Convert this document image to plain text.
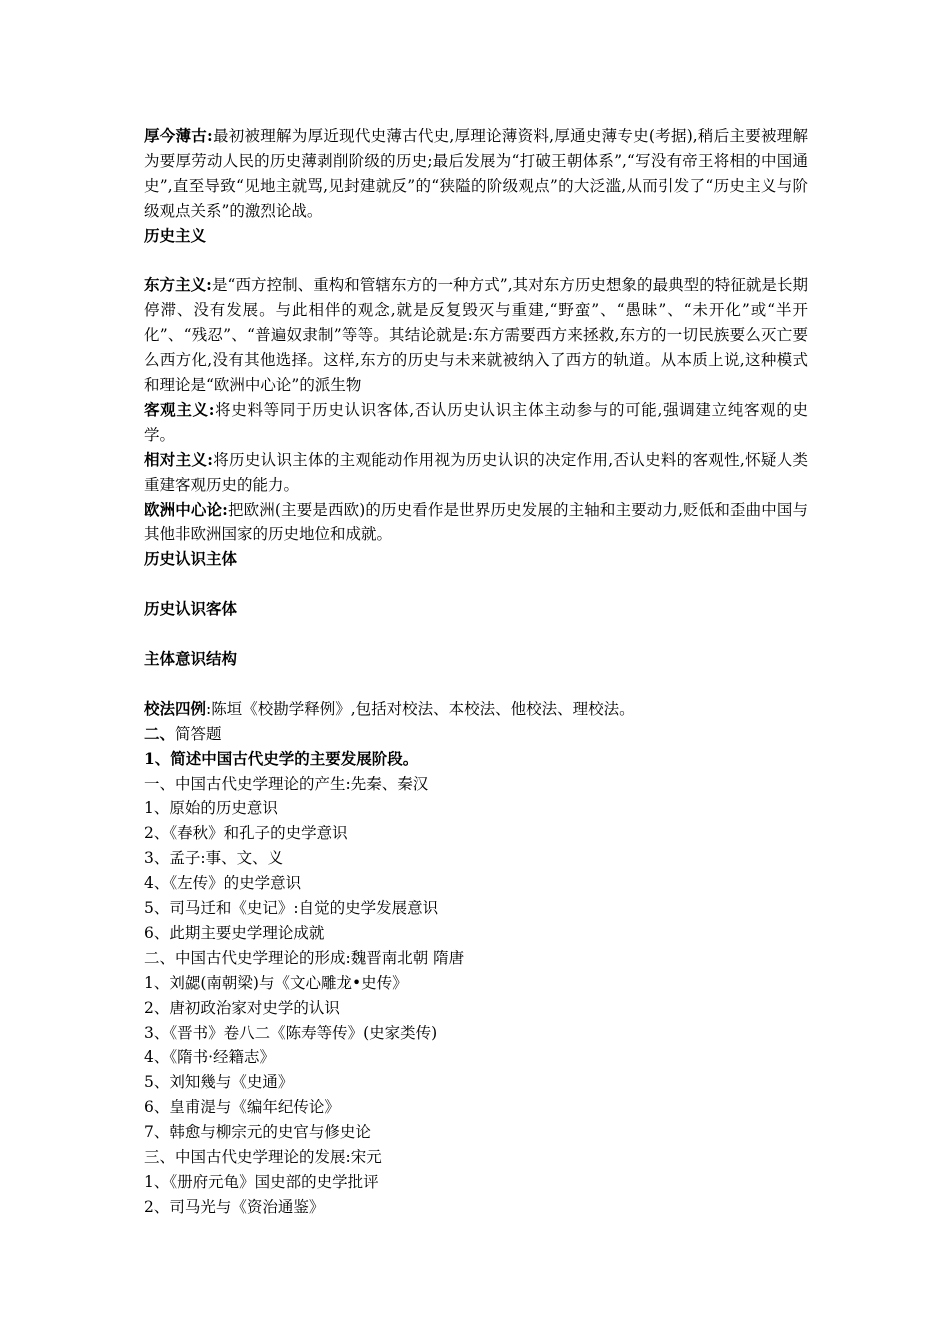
厚今薄古:最初被理解为厚近现代史薄古代史,厚理论薄资料,厚通史薄专史(考据),稍后主要被理解为要厚劳动人民的历史薄剥削阶级的历史;最后发展为“打破王朝体系”,“写没有帝王将相的中国通史”,直至导致“见地主就骂,见封建就反”的“狭隘的阶级观点”的大泛滥,从而引发了“历史主义与阶级观点关系”的激烈论战。

历史主义

东方主义:是“西方控制、重构和管辖东方的一种方式”,其对东方历史想象的最典型的特征就是长期停滞、没有发展。与此相伴的观念,就是反复毁灭与重建,“野蛮”、“愚昧”、“未开化”或“半开化”、“残忍”、“普遍奴隶制”等等。其结论就是:东方需要西方来拯救,东方的一切民族要么灭亡要么西方化,没有其他选择。这样,东方的历史与未来就被纳入了西方的轨道。从本质上说,这种模式和理论是“欧洲中心论”的派生物

客观主义:将史料等同于历史认识客体,否认历史认识主体主动参与的可能,强调建立纯客观的史学。

相对主义:将历史认识主体的主观能动作用视为历史认识的决定作用,否认史料的客观性,怀疑人类重建客观历史的能力。

欧洲中心论:把欧洲(主要是西欧)的历史看作是世界历史发展的主轴和主要动力,贬低和歪曲中国与其他非欧洲国家的历史地位和成就。

历史认识主体

历史认识客体

主体意识结构

校法四例:陈垣《校勘学释例》,包括对校法、本校法、他校法、理校法。

二、简答题

1、简述中国古代史学的主要发展阶段。

一、中国古代史学理论的产生:先秦、秦汉

1、原始的历史意识

2、《春秋》和孔子的史学意识

3、孟子:事、文、义

4、《左传》的史学意识

5、司马迁和《史记》:自觉的史学发展意识

6、此期主要史学理论成就

二、中国古代史学理论的形成:魏晋南北朝 隋唐

1、刘勰(南朝梁)与《文心雕龙•史传》

2、唐初政治家对史学的认识

3、《晋书》卷八二《陈寿等传》(史家类传)

4、《隋书·经籍志》

5、刘知幾与《史通》

6、皇甫湜与《编年纪传论》

7、韩愈与柳宗元的史官与修史论

三、中国古代史学理论的发展:宋元

1、《册府元龟》国史部的史学批评

2、司马光与《资治通鉴》
